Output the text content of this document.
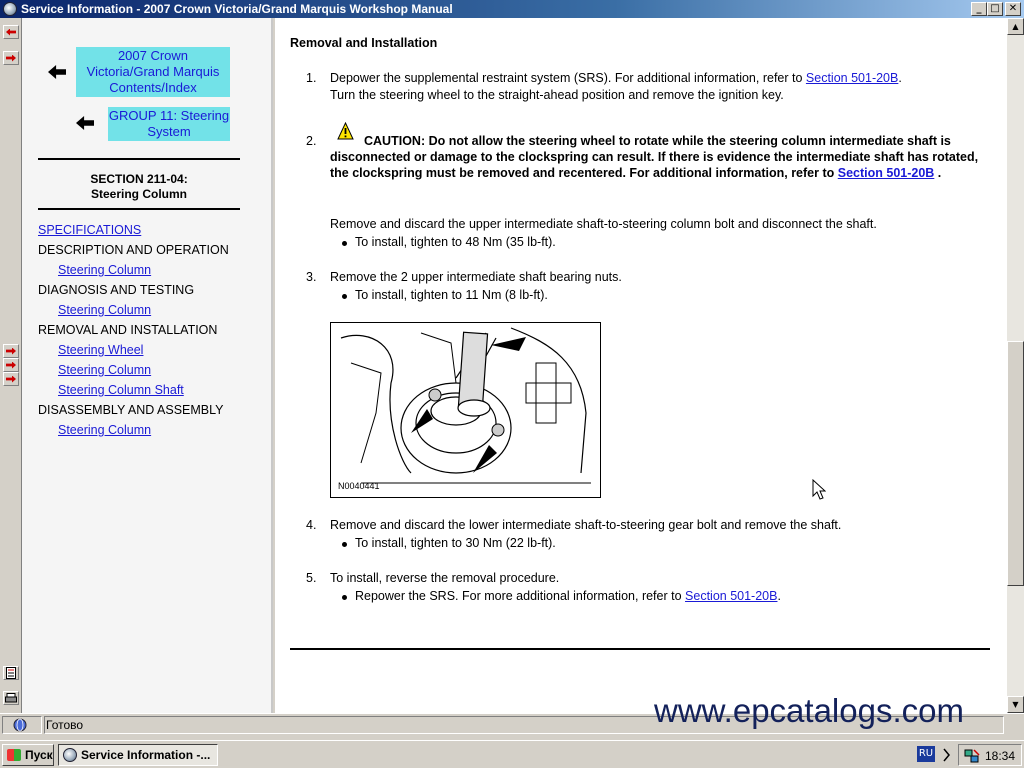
Service Information - 2007 Crown Victoria/Grand Marquis Workshop Manual	_ □ ✕
2007 Crown Victoria/Grand Marquis Contents/Index
GROUP 11: Steering System
SECTION 211-04:
Steering Column
SPECIFICATIONS
DESCRIPTION AND OPERATION
Steering Column
DIAGNOSIS AND TESTING
Steering Column
REMOVAL AND INSTALLATION
Steering Wheel
Steering Column
Steering Column Shaft
DISASSEMBLY AND ASSEMBLY
Steering Column
Removal and Installation
1. Depower the supplemental restraint system (SRS). For additional information, refer to Section 501-20B.
Turn the steering wheel to the straight-ahead position and remove the ignition key.
2.	CAUTION: Do not allow the steering wheel to rotate while the steering column intermediate shaft is disconnected or damage to the clockspring can result. If there is evidence the intermediate shaft has rotated, the clockspring must be removed and recentered. For additional information, refer to Section 501-20B .
Remove and discard the upper intermediate shaft-to-steering column bolt and disconnect the shaft.
To install, tighten to 48 Nm (35 lb-ft).
3. Remove the 2 upper intermediate shaft bearing nuts.
To install, tighten to 11 Nm (8 lb-ft).
N0040441
4. Remove and discard the lower intermediate shaft-to-steering gear bolt and remove the shaft.
To install, tighten to 30 Nm (22 lb-ft).
5. To install, reverse the removal procedure.
Repower the SRS. For more additional information, refer to Section 501-20B.
▲
▼
Готово	www.epcatalogs.com
Пуск Service Information -...	RU	18:34
